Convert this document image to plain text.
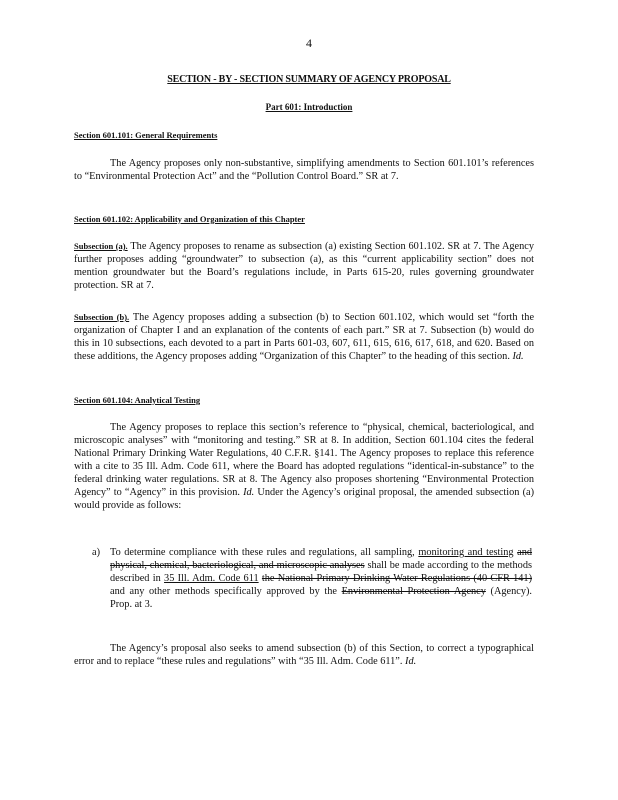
4
SECTION - BY - SECTION SUMMARY OF AGENCY PROPOSAL
Part 601: Introduction
Section 601.101: General Requirements
The Agency proposes only non-substantive, simplifying amendments to Section 601.101’s references to “Environmental Protection Act” and the “Pollution Control Board.” SR at 7.
Section 601.102: Applicability and Organization of this Chapter
Subsection (a). The Agency proposes to rename as subsection (a) existing Section 601.102. SR at 7. The Agency further proposes adding “groundwater” to subsection (a), as this “current applicability section” does not mention groundwater but the Board’s regulations include, in Parts 615-20, rules governing groundwater protection. SR at 7.
Subsection (b). The Agency proposes adding a subsection (b) to Section 601.102, which would set “forth the organization of Chapter I and an explanation of the contents of each part.” SR at 7. Subsection (b) would do this in 10 subsections, each devoted to a part in Parts 601-03, 607, 611, 615, 616, 617, 618, and 620. Based on these additions, the Agency proposes adding “Organization of this Chapter” to the heading of this section. Id.
Section 601.104: Analytical Testing
The Agency proposes to replace this section’s reference to “physical, chemical, bacteriological, and microscopic analyses” with “monitoring and testing.” SR at 8. In addition, Section 601.104 cites the federal National Primary Drinking Water Regulations, 40 C.F.R. §141. The Agency proposes to replace this reference with a cite to 35 Ill. Adm. Code 611, where the Board has adopted regulations “identical-in-substance” to the federal drinking water regulations. SR at 8. The Agency also proposes shortening “Environmental Protection Agency” to “Agency” in this provision. Id. Under the Agency’s original proposal, the amended subsection (a) would provide as follows:
a) To determine compliance with these rules and regulations, all sampling, monitoring and testing and physical, chemical, bacteriological, and microscopic analyses shall be made according to the methods described in 35 Ill. Adm. Code 611 the National Primary Drinking Water Regulations (40 CFR 141) and any other methods specifically approved by the Environmental Protection Agency (Agency). Prop. at 3.
The Agency’s proposal also seeks to amend subsection (b) of this Section, to correct a typographical error and to replace “these rules and regulations” with “35 Ill. Adm. Code 611”. Id.
